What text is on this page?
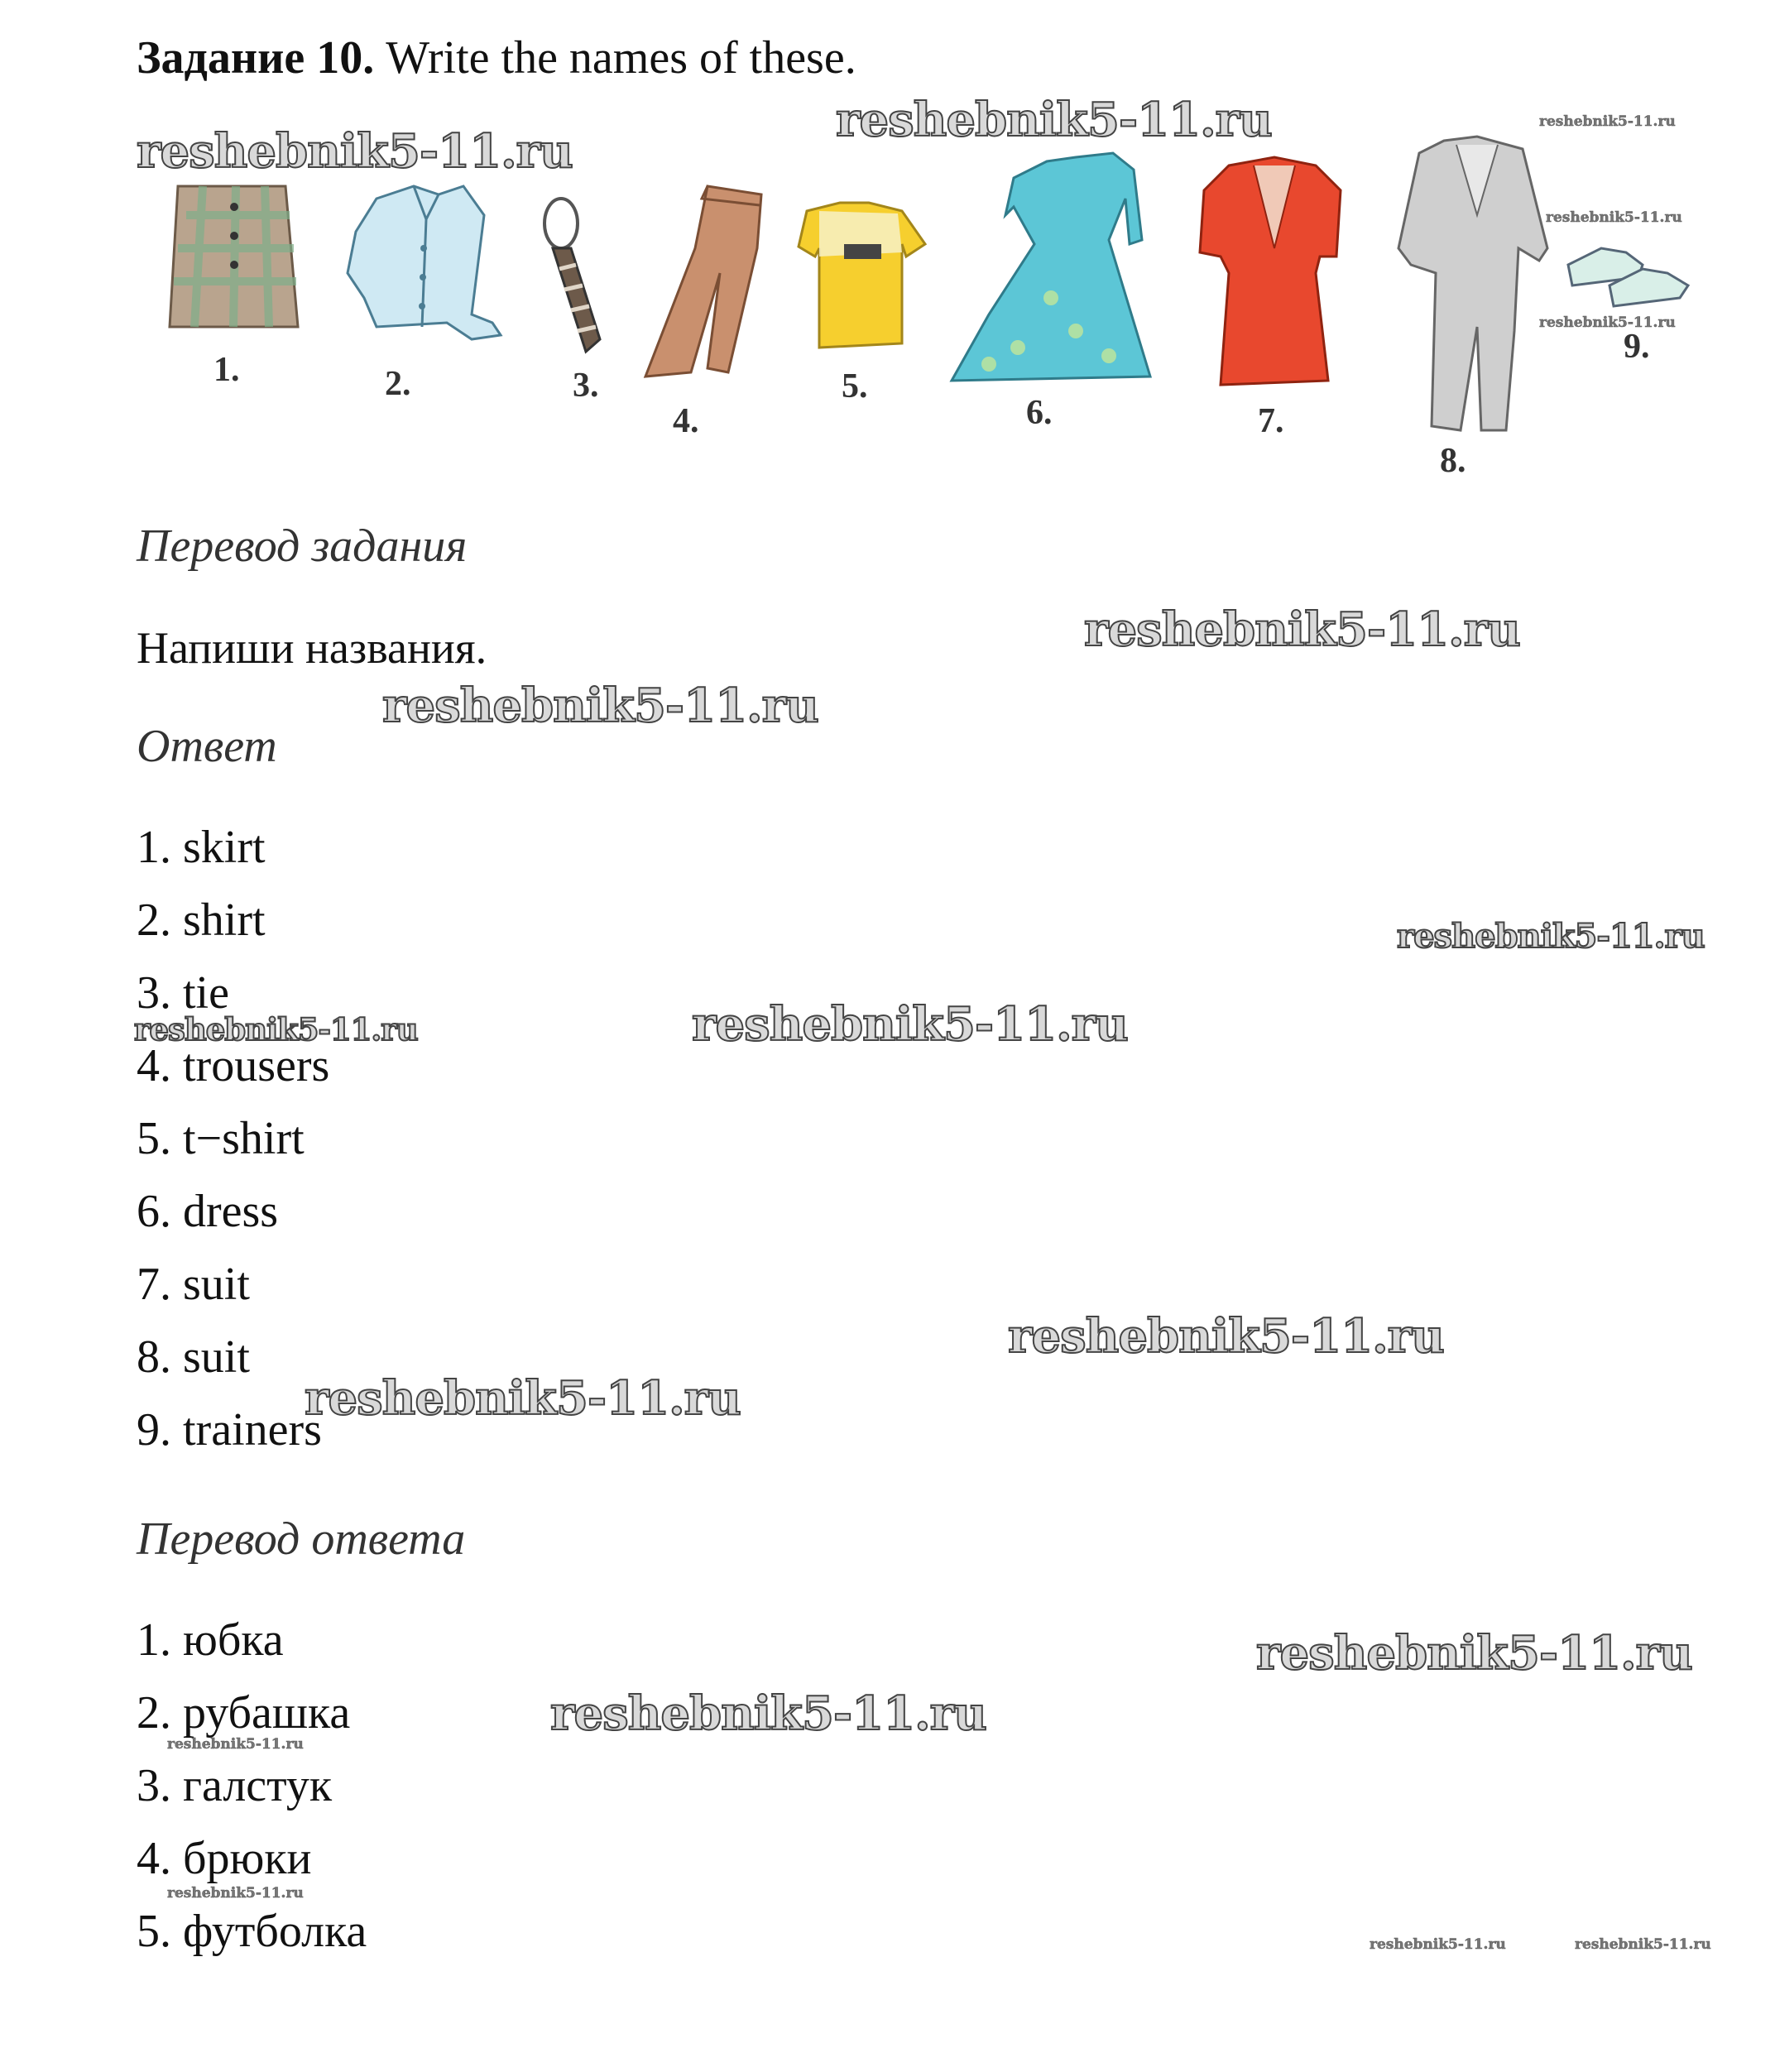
Задание 10. Write the names of these.
1.	2.	3.
4.
5.
6.	7.
8.
9.
Перевод задания
Напиши названия.
Ответ
1. skirt
2. shirt
3. tie
4. trousers
5. t−shirt
6. dress
7. suit
8. suit
9. trainers
Перевод ответа
1. юбка
2. рубашка
3. галстук
4. брюки
5. футболка
reshebnik5-11.ru
reshebnik5-11.ru	reshebnik5-11.ru
reshebnik5-11.ru
reshebnik5-11.ru
reshebnik5-11.ru
reshebnik5-11.ru
reshebnik5-11.ru
reshebnik5-11.ru	reshebnik5-11.ru
reshebnik5-11.ru
reshebnik5-11.ru
reshebnik5-11.ru
reshebnik5-11.ru
reshebnik5-11.ru
reshebnik5-11.ru
reshebnik5-11.ru	reshebnik5-11.ru
